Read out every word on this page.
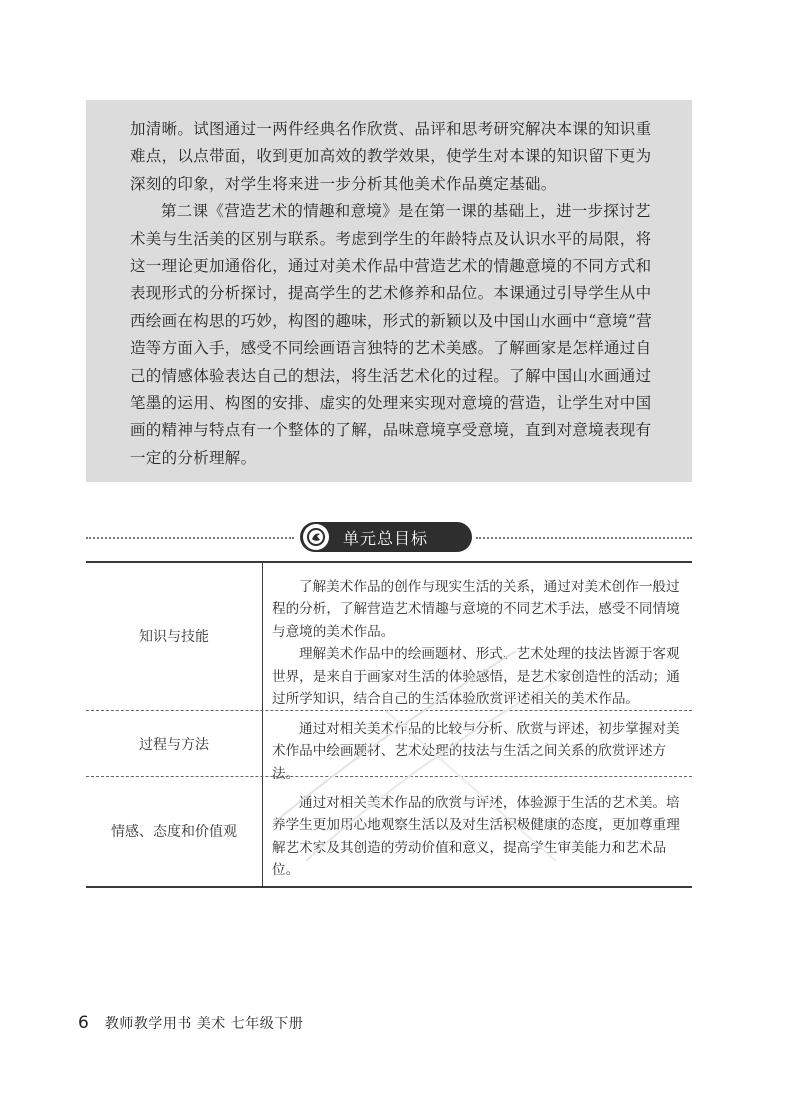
加清晰。试图通过一两件经典名作欣赏、品评和思考研究解决本课的知识重难点，以点带面，收到更加高效的教学效果，使学生对本课的知识留下更为深刻的印象，对学生将来进一步分析其他美术作品奠定基础。

第二课《营造艺术的情趣和意境》是在第一课的基础上，进一步探讨艺术美与生活美的区别与联系。考虑到学生的年龄特点及认识水平的局限，将这一理论更加通俗化，通过对美术作品中营造艺术的情趣意境的不同方式和表现形式的分析探讨，提高学生的艺术修养和品位。本课通过引导学生从中西绘画在构思的巧妙，构图的趣味，形式的新颖以及中国山水画中“意境”营造等方面入手，感受不同绘画语言独特的艺术美感。了解画家是怎样通过自己的情感体验表达自己的想法，将生活艺术化的过程。了解中国山水画通过笔墨的运用、构图的安排、虚实的处理来实现对意境的营造，让学生对中国画的精神与特点有一个整体的了解，品味意境享受意境，直到对意境表现有一定的分析理解。

单元总目标
知识与技能

了解美术作品的创作与现实生活的关系，通过对美术创作一般过程的分析，了解营造艺术情趣与意境的不同艺术手法，感受不同情境与意境的美术作品。

理解美术作品中的绘画题材、形式、艺术处理的技法皆源于客观世界，是来自于画家对生活的体验感悟，是艺术家创造性的活动；通过所学知识，结合自己的生活体验欣赏评述相关的美术作品。

过程与方法

通过对相关美术作品的比较与分析、欣赏与评述，初步掌握对美术作品中绘画题材、艺术处理的技法与生活之间关系的欣赏评述方法。

情感、态度和价值观

通过对相关美术作品的欣赏与评述，体验源于生活的艺术美。培养学生更加用心地观察生活以及对生活积极健康的态度，更加尊重理解艺术家及其创造的劳动价值和意义，提高学生审美能力和艺术品位。

6 教师教学用书 美术 七年级下册
